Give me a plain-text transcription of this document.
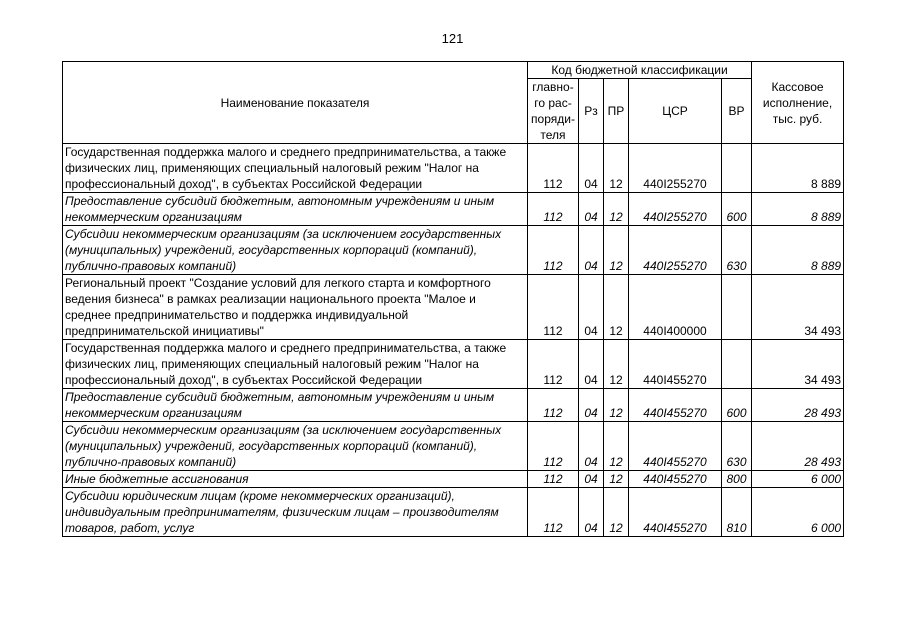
121
Наименование показателя	Код бюджетной классификации					Кассовое исполнение, тыс. руб.
	главно-го рас-поряди-теля	Рз	ПР	ЦСР	ВР	
Государственная поддержка малого и среднего предпринимательства, а также физических лиц, применяющих специальный налоговый режим "Налог на профессиональный доход", в субъектах Российской Федерации	112	04	12	440I255270		8 889
Предоставление субсидий бюджетным, автономным учреждениям и иным некоммерческим организациям	112	04	12	440I255270	600	8 889
Субсидии некоммерческим организациям (за исключением государственных (муниципальных) учреждений, государственных корпораций (компаний), публично-правовых компаний)	112	04	12	440I255270	630	8 889
Региональный проект "Создание условий для легкого старта и комфортного ведения бизнеса" в рамках реализации национального проекта "Малое и среднее предпринимательство и поддержка индивидуальной предпринимательской инициативы"	112	04	12	440I400000		34 493
Государственная поддержка малого и среднего предпринимательства, а также физических лиц, применяющих специальный налоговый режим "Налог на профессиональный доход", в субъектах Российской Федерации	112	04	12	440I455270		34 493
Предоставление субсидий бюджетным, автономным учреждениям и иным некоммерческим организациям	112	04	12	440I455270	600	28 493
Субсидии некоммерческим организациям (за исключением государственных (муниципальных) учреждений, государственных корпораций (компаний), публично-правовых компаний)	112	04	12	440I455270	630	28 493
Иные бюджетные ассигнования	112	04	12	440I455270	800	6 000
Субсидии юридическим лицам (кроме некоммерческих организаций), индивидуальным предпринимателям, физическим лицам – производителям товаров, работ, услуг	112	04	12	440I455270	810	6 000
